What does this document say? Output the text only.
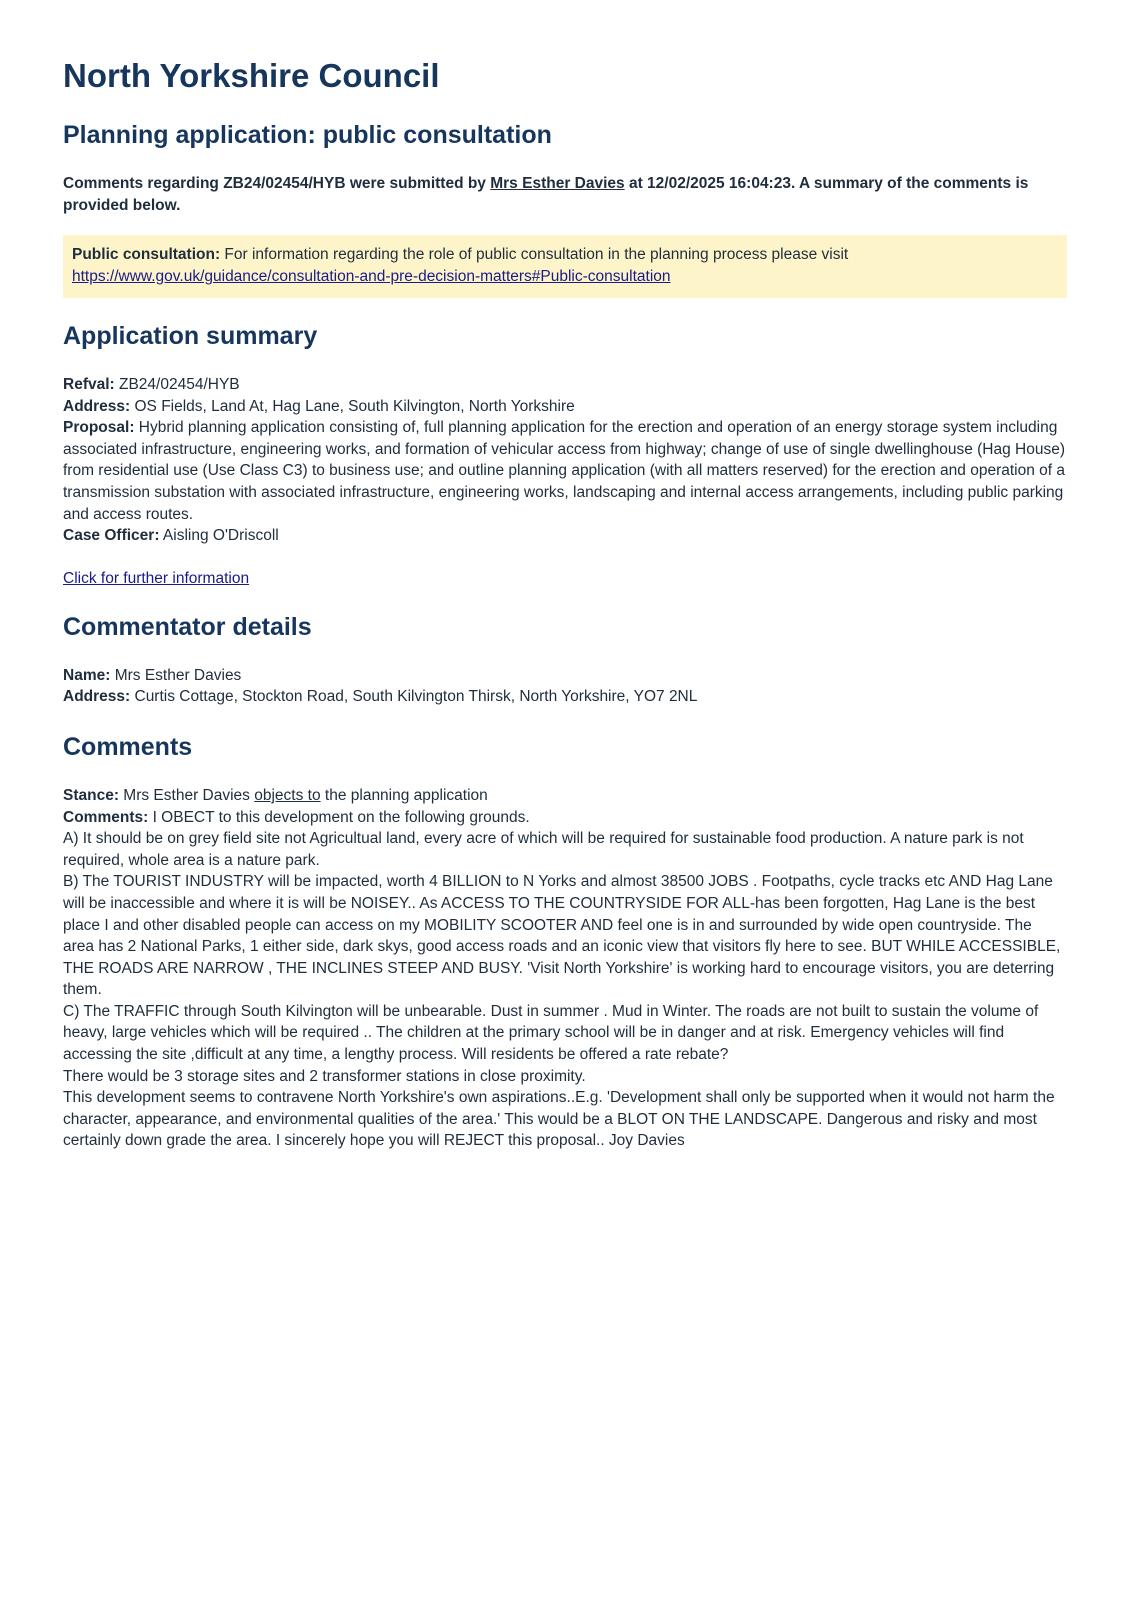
North Yorkshire Council
Planning application: public consultation

Comments regarding ZB24/02454/HYB were submitted by Mrs Esther Davies at 12/02/2025 16:04:23. A summary of the comments is provided below.

Public consultation: For information regarding the role of public consultation in the planning process please visit
https://www.gov.uk/guidance/consultation-and-pre-decision-matters#Public-consultation
Application summary

Refval: ZB24/02454/HYB

Address: OS Fields, Land At, Hag Lane, South Kilvington, North Yorkshire

Proposal: Hybrid planning application consisting of, full planning application for the erection and operation of an energy storage system including associated infrastructure, engineering works, and formation of vehicular access from highway; change of use of single dwellinghouse (Hag House) from residential use (Use Class C3) to business use; and outline planning application (with all matters reserved) for the erection and operation of a transmission substation with associated infrastructure, engineering works, landscaping and internal access arrangements, including public parking and access routes.

Case Officer: Aisling O'Driscoll

Click for further information
Commentator details

Name: Mrs Esther Davies

Address: Curtis Cottage, Stockton Road, South Kilvington Thirsk, North Yorkshire, YO7 2NL

Comments

Stance: Mrs Esther Davies objects to the planning application

Comments: I OBECT to this development on the following grounds.

A) It should be on grey field site not Agricultual land, every acre of which will be required for sustainable food production. A nature park is not required, whole area is a nature park.

B) The TOURIST INDUSTRY will be impacted, worth 4 BILLION to N Yorks and almost 38500 JOBS . Footpaths, cycle tracks etc AND Hag Lane will be inaccessible and where it is will be NOISEY.. As ACCESS TO THE COUNTRYSIDE FOR ALL-has been forgotten, Hag Lane is the best place I and other disabled people can access on my MOBILITY SCOOTER AND feel one is in and surrounded by wide open countryside. The area has 2 National Parks, 1 either side, dark skys, good access roads and an iconic view that visitors fly here to see. BUT WHILE ACCESSIBLE, THE ROADS ARE NARROW , THE INCLINES STEEP AND BUSY. 'Visit North Yorkshire' is working hard to encourage visitors, you are deterring them.

C) The TRAFFIC through South Kilvington will be unbearable. Dust in summer . Mud in Winter. The roads are not built to sustain the volume of heavy, large vehicles which will be required .. The children at the primary school will be in danger and at risk. Emergency vehicles will find accessing the site ,difficult at any time, a lengthy process. Will residents be offered a rate rebate?

There would be 3 storage sites and 2 transformer stations in close proximity.

This development seems to contravene North Yorkshire's own aspirations..E.g. 'Development shall only be supported when it would not harm the character, appearance, and environmental qualities of the area.' This would be a BLOT ON THE LANDSCAPE. Dangerous and risky and most certainly down grade the area. I sincerely hope you will REJECT this proposal.. Joy Davies
